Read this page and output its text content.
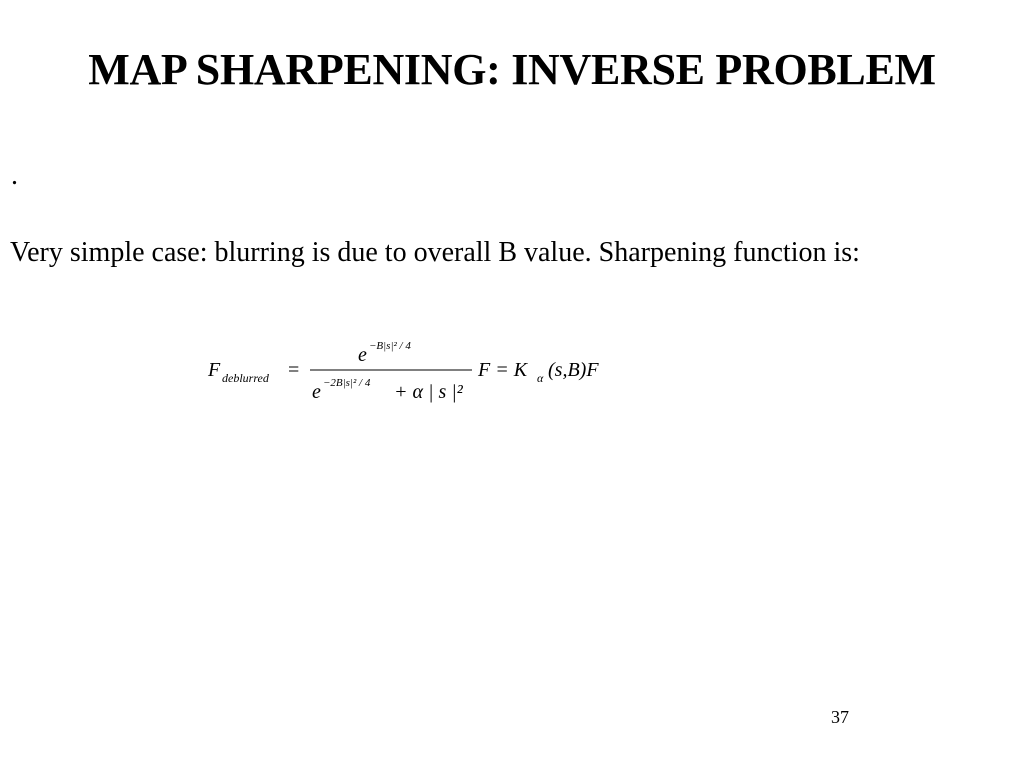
MAP SHARPENING: INVERSE PROBLEM
.

Very simple case: blurring is due to overall B value. Sharpening function is:

F deblurred =
e −B|s|² / 4
e −2B|s|² / 4 + α | s |²
F = K α (s,B)F
37
